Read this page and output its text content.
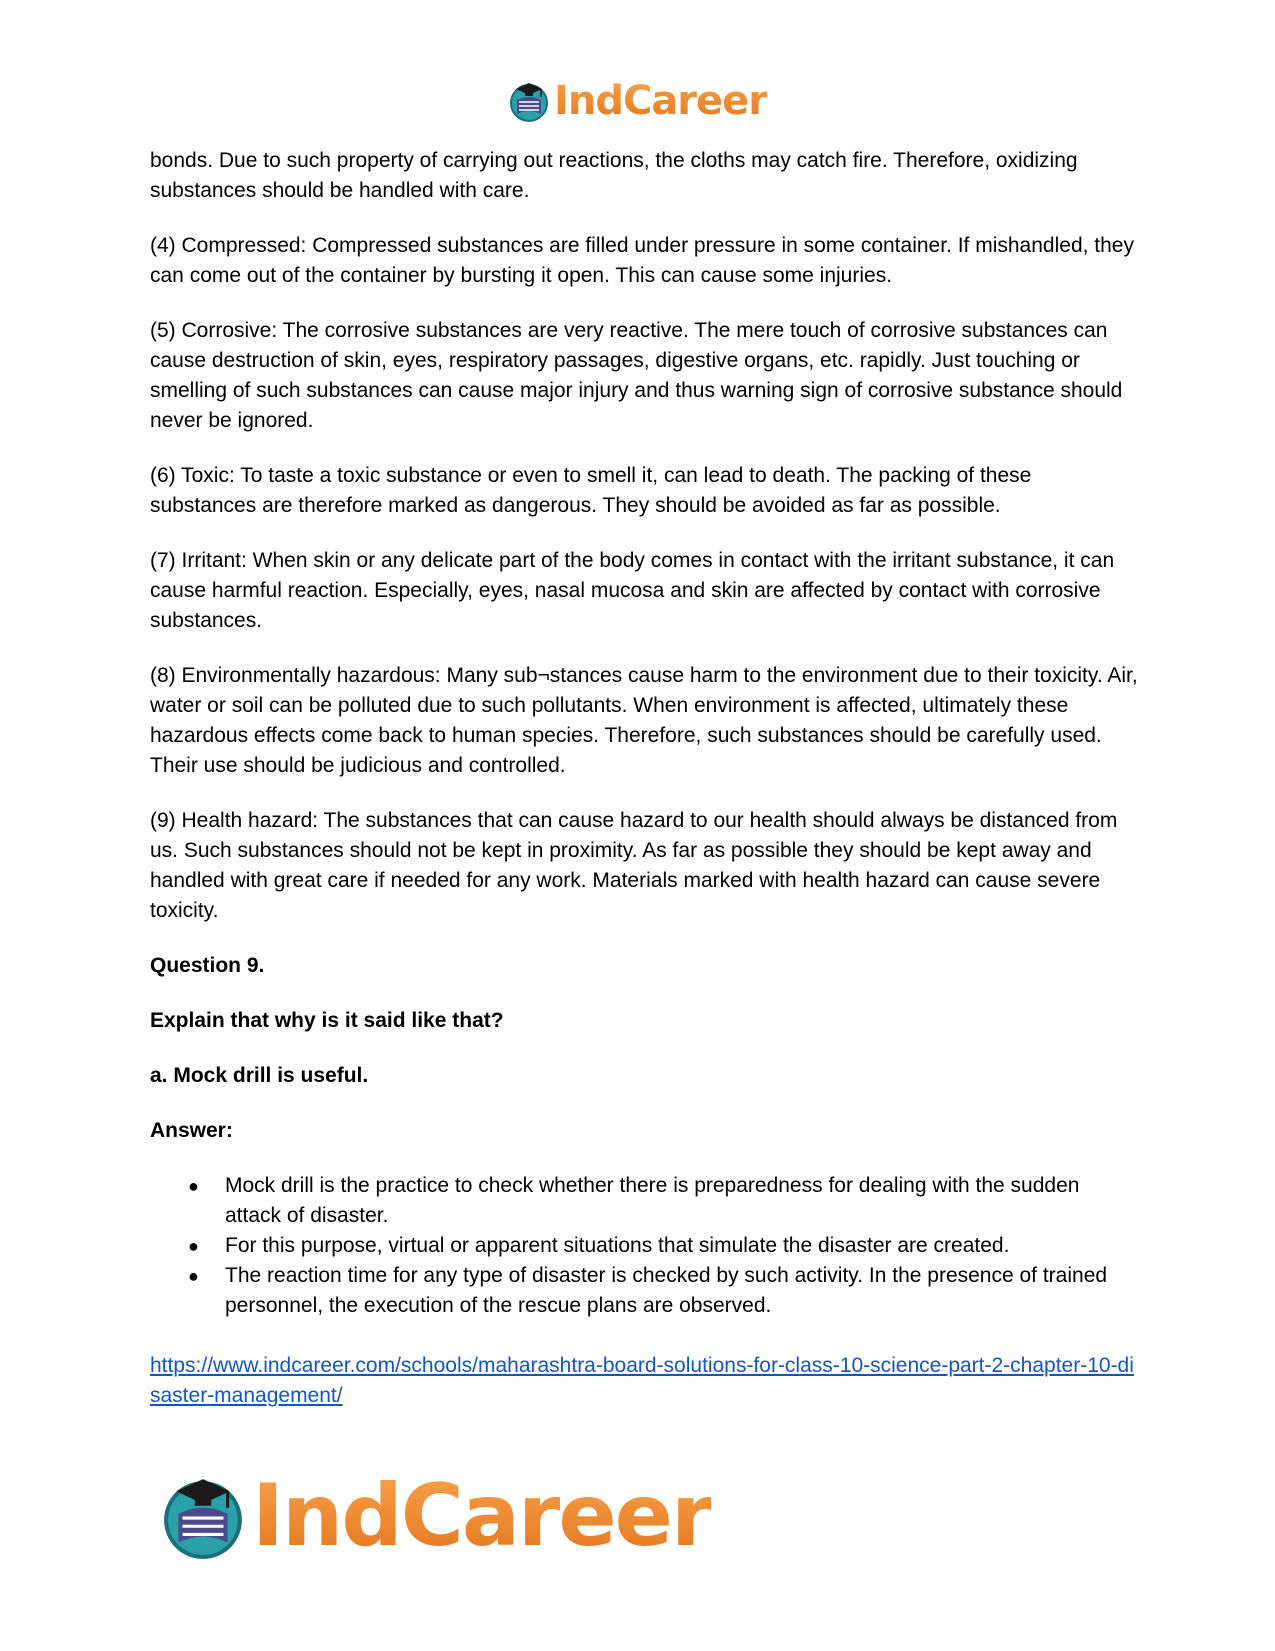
IndCareer

bonds. Due to such property of carrying out reactions, the cloths may catch fire. Therefore, oxidizing substances should be handled with care.

(4) Compressed: Compressed substances are filled under pressure in some container. If mishandled, they can come out of the container by bursting it open. This can cause some injuries.

(5) Corrosive: The corrosive substances are very reactive. The mere touch of corrosive substances can cause destruction of skin, eyes, respiratory passages, digestive organs, etc. rapidly. Just touching or smelling of such substances can cause major injury and thus warning sign of corrosive substance should never be ignored.

(6) Toxic: To taste a toxic substance or even to smell it, can lead to death. The packing of these substances are therefore marked as dangerous. They should be avoided as far as possible.

(7) Irritant: When skin or any delicate part of the body comes in contact with the irritant substance, it can cause harmful reaction. Especially, eyes, nasal mucosa and skin are affected by contact with corrosive substances.

(8) Environmentally hazardous: Many sub¬stances cause harm to the environment due to their toxicity. Air, water or soil can be polluted due to such pollutants. When environment is affected, ultimately these hazardous effects come back to human species. Therefore, such substances should be carefully used. Their use should be judicious and controlled.

(9) Health hazard: The substances that can cause hazard to our health should always be distanced from us. Such substances should not be kept in proximity. As far as possible they should be kept away and handled with great care if needed for any work. Materials marked with health hazard can cause severe toxicity.

Question 9.

Explain that why is it said like that?

a. Mock drill is useful.

Answer:

●	Mock drill is the practice to check whether there is preparedness for dealing with the sudden attack of disaster.
●	For this purpose, virtual or apparent situations that simulate the disaster are created.
●	The reaction time for any type of disaster is checked by such activity. In the presence of trained personnel, the execution of the rescue plans are observed.
https://www.indcareer.com/schools/maharashtra-board-solutions-for-class-10-science-part-2-chapter-10-disaster-management/
IndCareer
